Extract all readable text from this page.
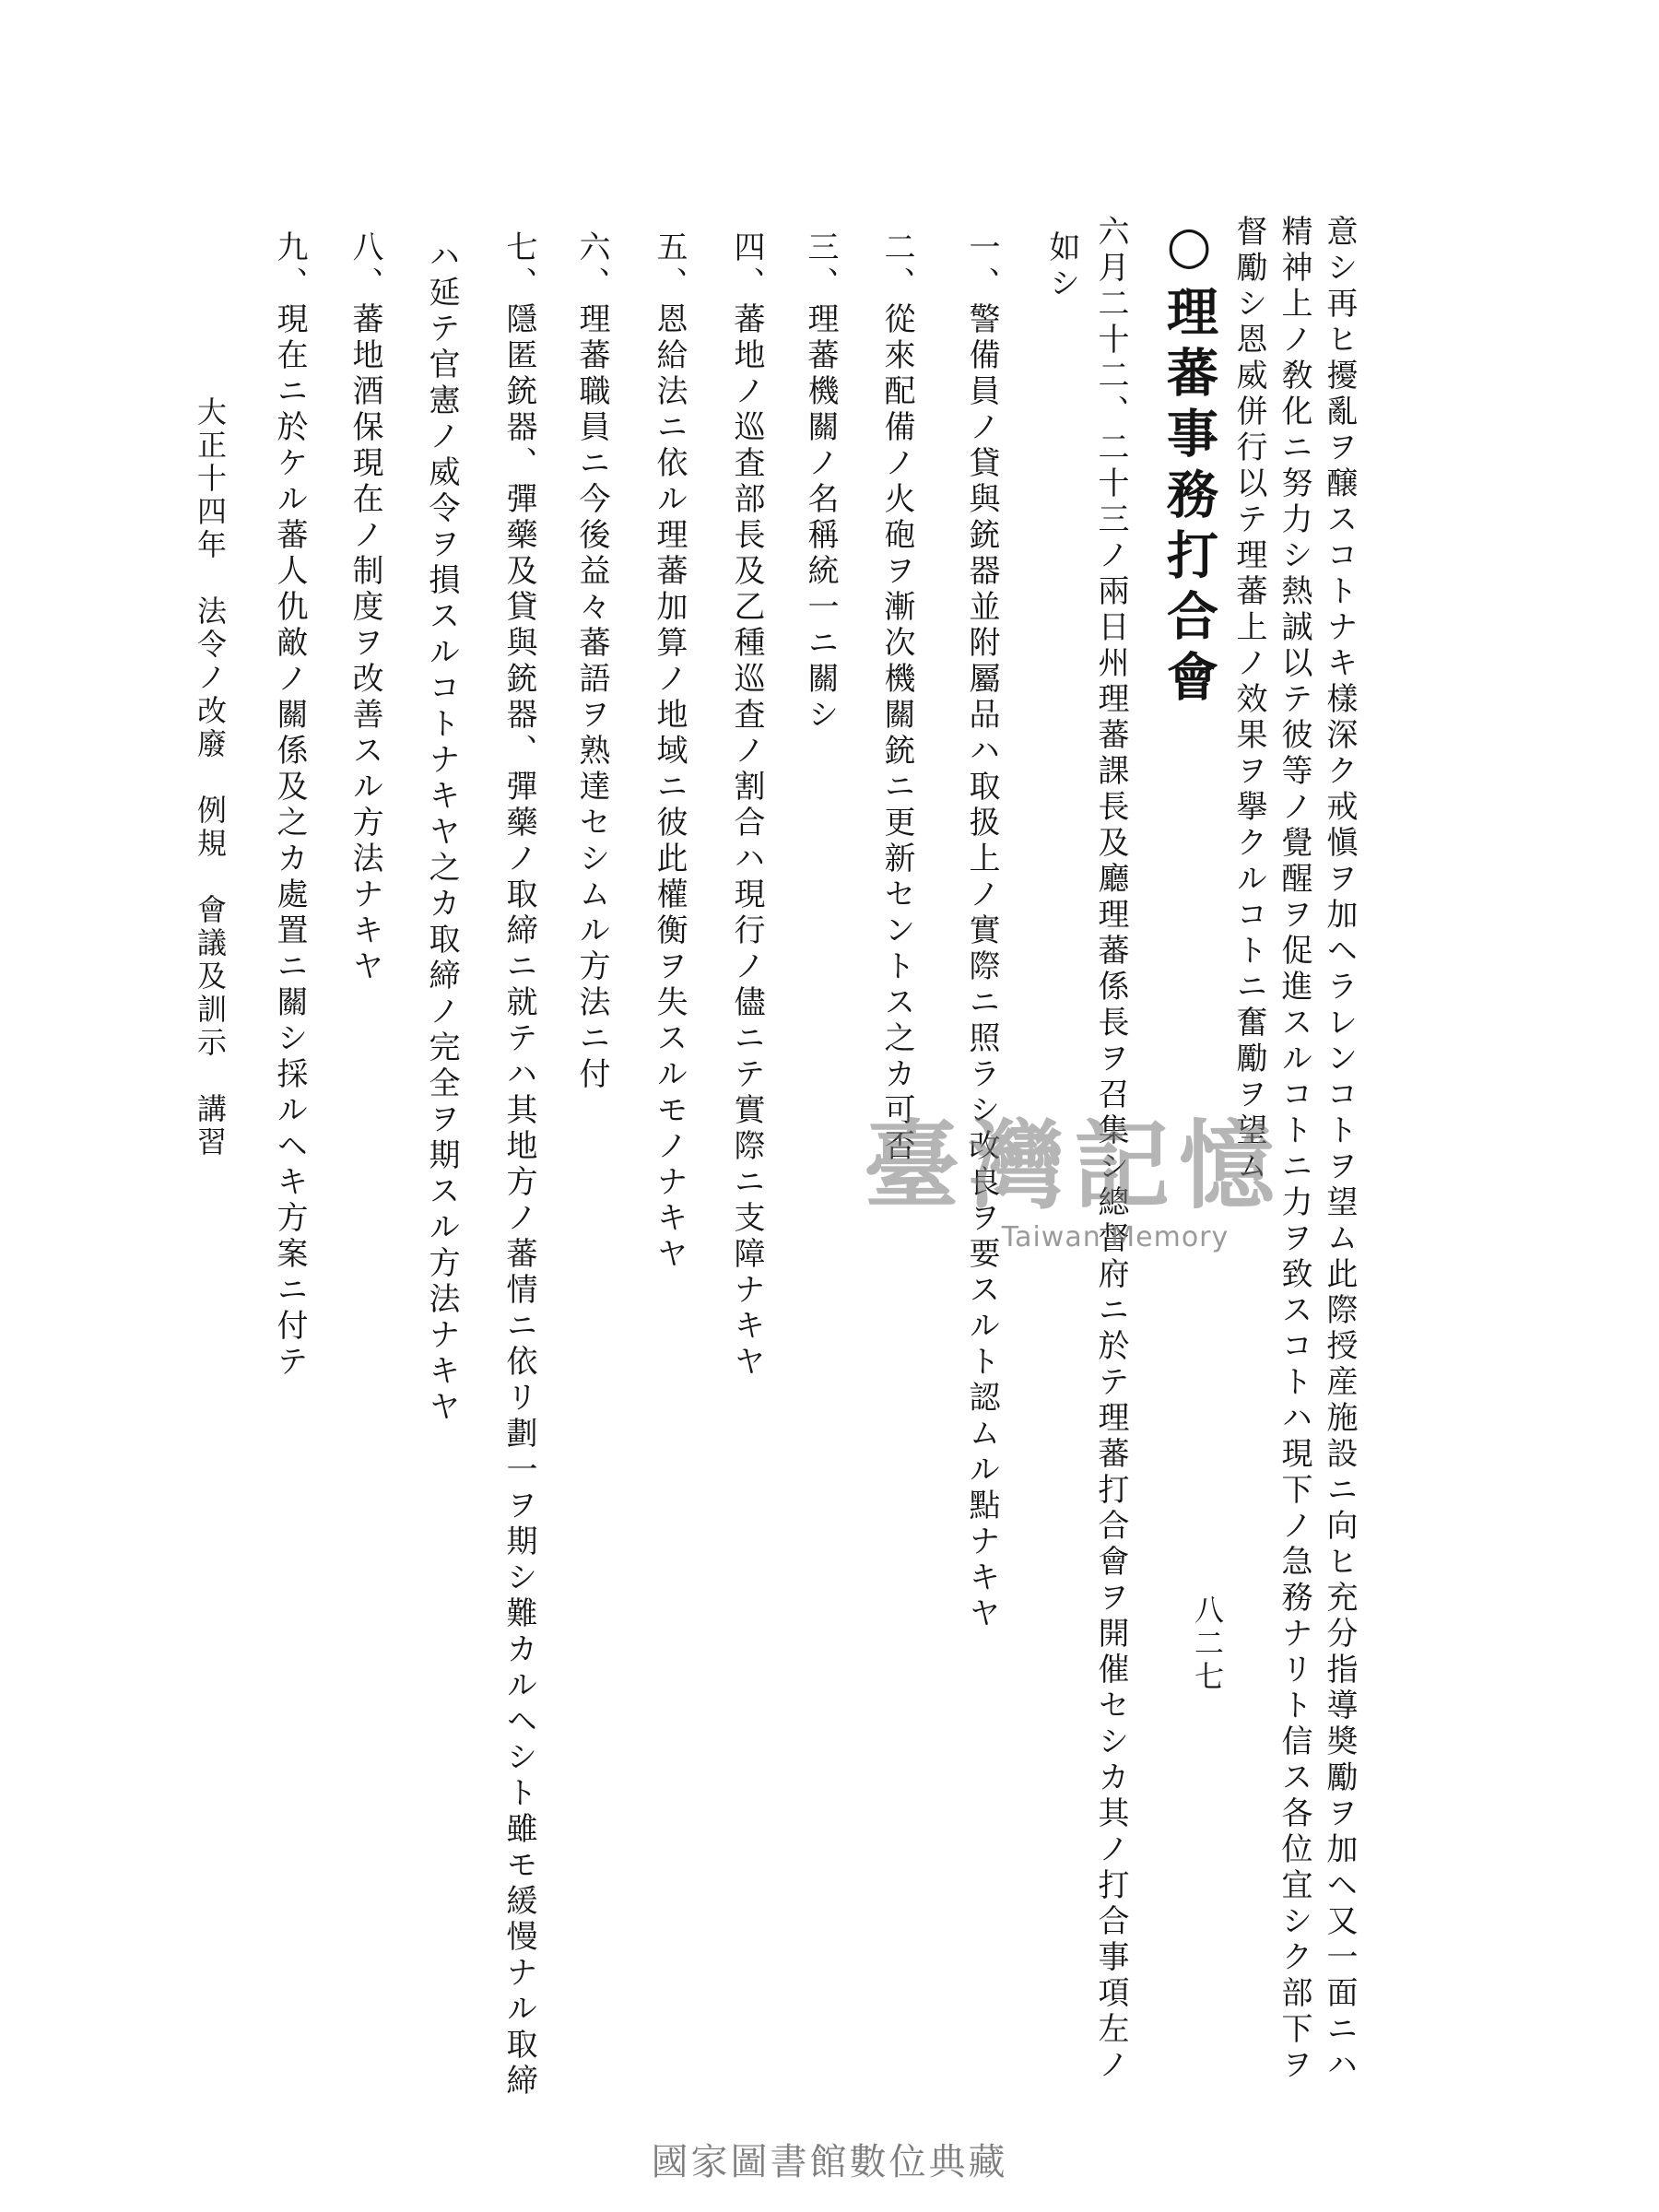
意シ再ヒ擾亂ヲ醸スコトナキ樣深ク戒愼ヲ加ヘラレンコトヲ望ム此際授産施設ニ向ヒ充分指導奬勵ヲ加ヘ又一面ニハ
精神上ノ敎化ニ努力シ熱誠以テ彼等ノ覺醒ヲ促進スルコトニ力ヲ致スコトハ現下ノ急務ナリト信ス各位宜シク部下ヲ
督勵シ恩威併行以テ理蕃上ノ效果ヲ擧クルコトニ奮勵ヲ望ム
○理蕃事務打合會
六月二十二、二十三ノ兩日州理蕃課長及廳理蕃係長ヲ召集シ總督府ニ於テ理蕃打合會ヲ開催セシカ其ノ打合事項左ノ
如シ
一、警備員ノ貸與銃器並附屬品ハ取扱上ノ實際ニ照ラシ改良ヲ要スルト認ムル點ナキヤ
二、從來配備ノ火砲ヲ漸次機關銃ニ更新セントス之カ可否
三、理蕃機關ノ名稱統一ニ關シ
四、蕃地ノ巡査部長及乙種巡査ノ割合ハ現行ノ儘ニテ實際ニ支障ナキヤ
五、恩給法ニ依ル理蕃加算ノ地域ニ彼此權衡ヲ失スルモノナキヤ
六、理蕃職員ニ今後益々蕃語ヲ熟達セシムル方法ニ付
七、隱匿銃器、彈藥及貸與銃器、彈藥ノ取締ニ就テハ其地方ノ蕃情ニ依リ劃一ヲ期シ難カルヘシト雖モ緩慢ナル取締
ハ延テ官憲ノ威令ヲ損スルコトナキヤ之カ取締ノ完全ヲ期スル方法ナキヤ
八、蕃地酒保現在ノ制度ヲ改善スル方法ナキヤ
九、現在ニ於ケル蕃人仇敵ノ關係及之カ處置ニ關シ採ルヘキ方案ニ付テ
大正十四年　法令ノ改廢　例規　會議及訓示　講習
八二七
臺灣記憶
Taiwan Memory
國家圖書館數位典藏
